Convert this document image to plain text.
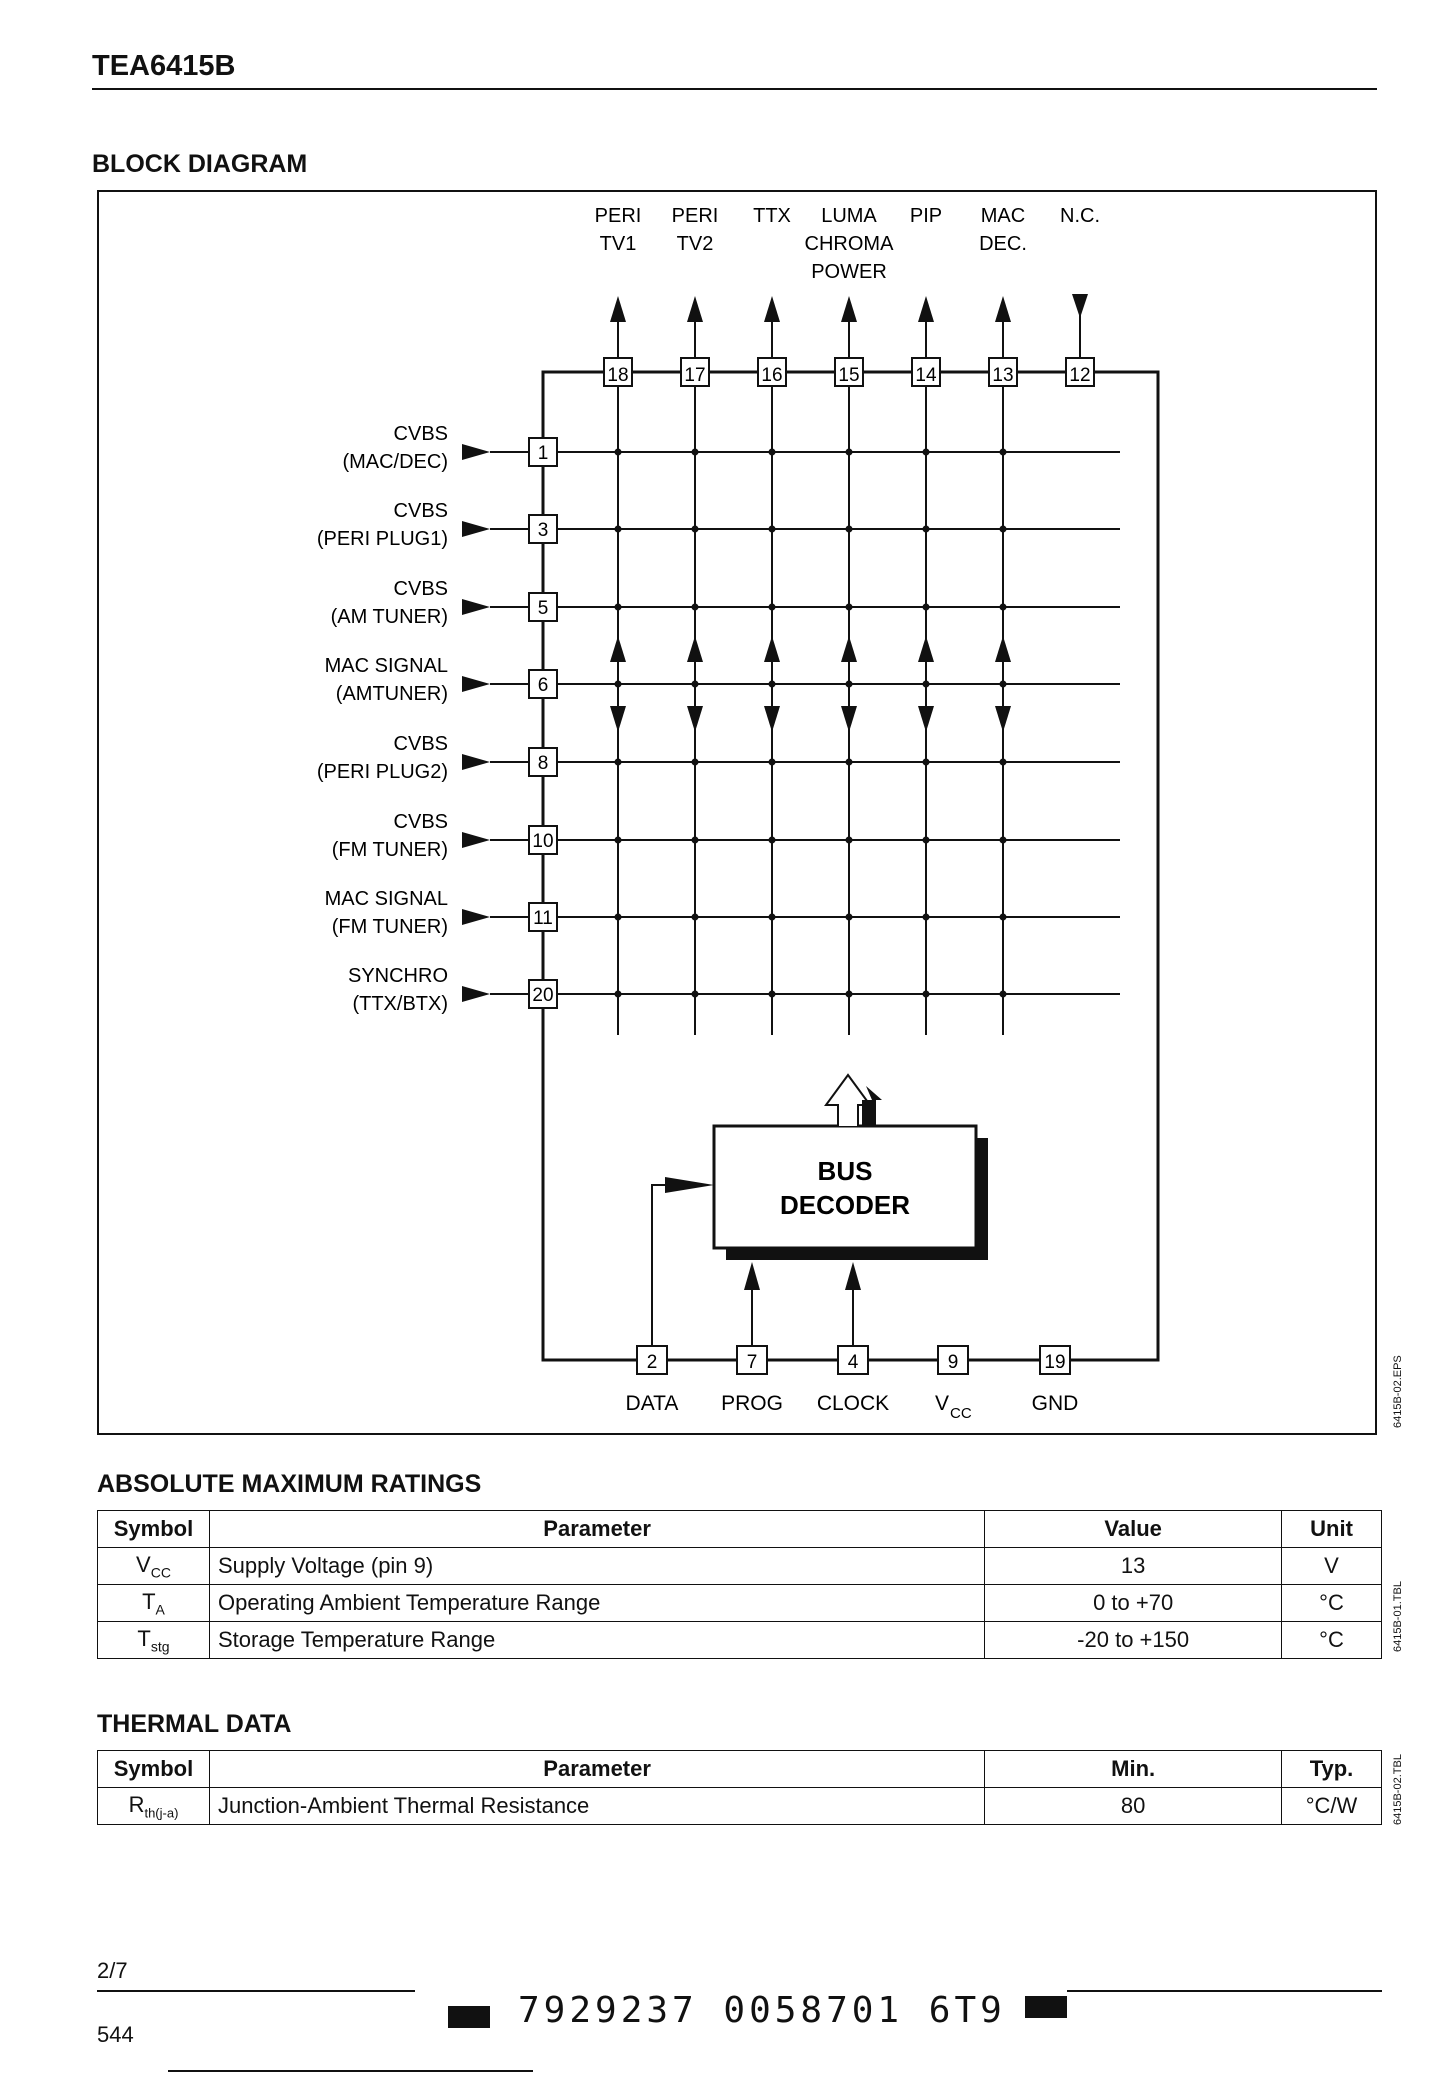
TEA6415B
BLOCK DIAGRAM
18	17	16	15	14	13	12
1
3
5
6
8
10
11
20
PERI
TV1
PERI
TV2
TTX LUMA
CHROMA
POWER
PIP MAC
DEC.
N.C.
CVBS
(MAC/DEC)
CVBS
(PERI PLUG1)
CVBS
(AM TUNER)
MAC SIGNAL
(AMTUNER)
CVBS
(PERI PLUG2)
CVBS
(FM TUNER)
MAC SIGNAL
(FM TUNER)
SYNCHRO
(TTX/BTX)
BUS
DECODER
2	7	4	9	19
DATA PROG CLOCK V CC	GND	6415B-02.EPS
ABSOLUTE MAXIMUM RATINGS
Symbol	Parameter	Value	Unit
$V_{CC}$	Supply Voltage (pin 9)	13	V
$T_A$	Operating Ambient Temperature Range	0 to +70	°C
$T_{stg}$	Storage Temperature Range	-20 to +150	°C	6415B-01.TBL
THERMAL DATA
Symbol	Parameter	Min.	Typ.
$R_{th(j-a)}$	Junction-Ambient Thermal Resistance	80	°C/W	6415B-02.TBL
2/7
544
7929237 0058701 6T9
